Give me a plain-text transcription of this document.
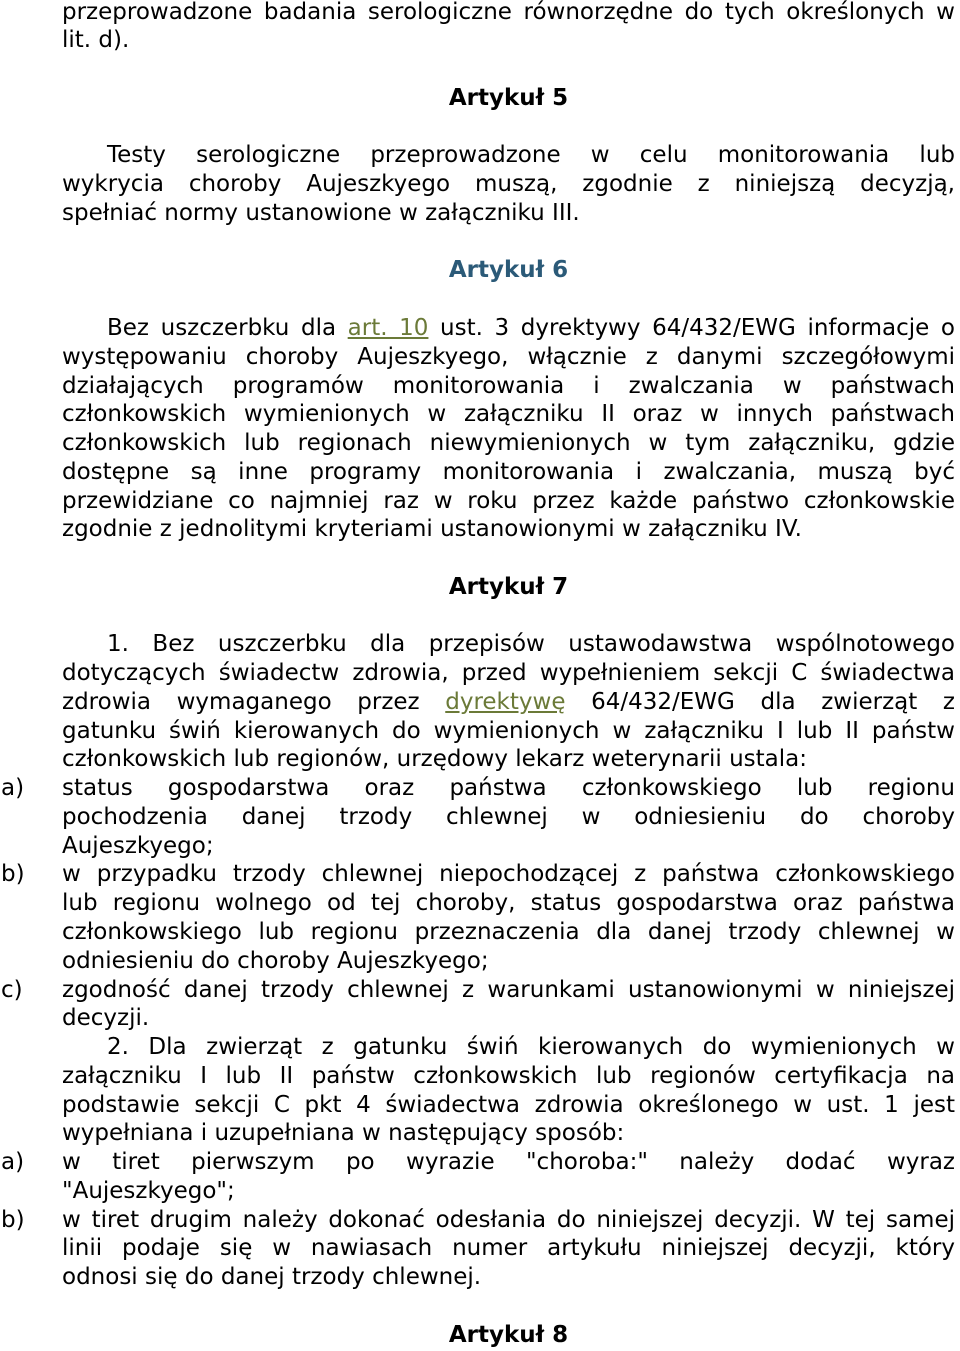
przeprowadzone badania serologiczne równorzędne do tych określonych w
lit. d).

Artykuł 5

Testy serologiczne przeprowadzone w celu monitorowania lub
wykrycia choroby Aujeszkyego muszą, zgodnie z niniejszą decyzją,
spełniać normy ustanowione w załączniku III.

Artykuł 6

Bez uszczerbku dla art. 10 ust. 3 dyrektywy 64/432/EWG informacje o
występowaniu choroby Aujeszkyego, włącznie z danymi szczegółowymi
działających programów monitorowania i zwalczania w państwach
członkowskich wymienionych w załączniku II oraz w innych państwach
członkowskich lub regionach niewymienionych w tym załączniku, gdzie
dostępne są inne programy monitorowania i zwalczania, muszą być
przewidziane co najmniej raz w roku przez każde państwo członkowskie
zgodnie z jednolitymi kryteriami ustanowionymi w załączniku IV.

Artykuł 7

1. Bez uszczerbku dla przepisów ustawodawstwa wspólnotowego
dotyczących świadectw zdrowia, przed wypełnieniem sekcji C świadectwa
zdrowia wymaganego przez dyrektywę 64/432/EWG dla zwierząt z
gatunku świń kierowanych do wymienionych w załączniku I lub II państw
członkowskich lub regionów, urzędowy lekarz weterynarii ustala:

a) status gospodarstwa oraz państwa członkowskiego lub regionu
pochodzenia danej trzody chlewnej w odniesieniu do choroby
Aujeszkyego;
b) w przypadku trzody chlewnej niepochodzącej z państwa członkowskiego
lub regionu wolnego od tej choroby, status gospodarstwa oraz państwa
członkowskiego lub regionu przeznaczenia dla danej trzody chlewnej w
odniesieniu do choroby Aujeszkyego;
c) zgodność danej trzody chlewnej z warunkami ustanowionymi w niniejszej
decyzji.

2. Dla zwierząt z gatunku świń kierowanych do wymienionych w
załączniku I lub II państw członkowskich lub regionów certyfikacja na
podstawie sekcji C pkt 4 świadectwa zdrowia określonego w ust. 1 jest
wypełniana i uzupełniana w następujący sposób:

a) w tiret pierwszym po wyrazie "choroba:" należy dodać wyraz
"Aujeszkyego";
b) w tiret drugim należy dokonać odesłania do niniejszej decyzji. W tej samej
linii podaje się w nawiasach numer artykułu niniejszej decyzji, który
odnosi się do danej trzody chlewnej.
Artykuł 8
